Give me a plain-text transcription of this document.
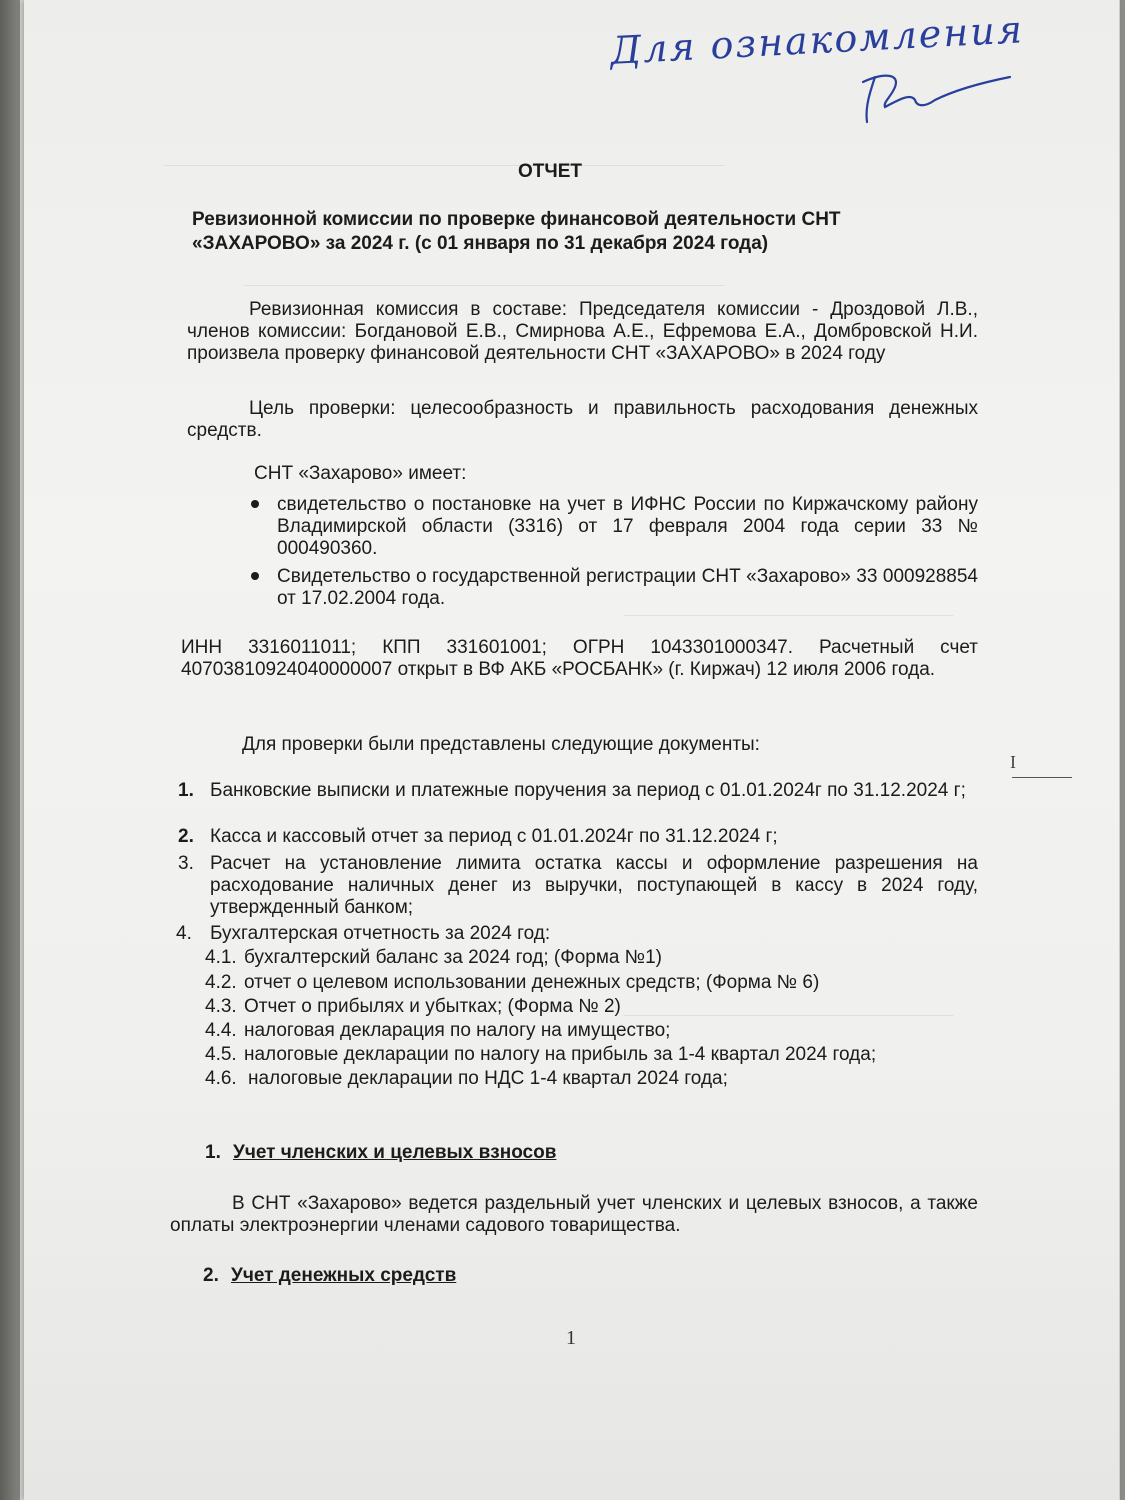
_______________________________________________________________
______________________________________________________
_____________________________________
_____________________________________
Для ознакомления
ОТЧЕТ
Ревизионной комиссии по проверке финансовой деятельности СНТ «ЗАХАРОВО» за 2024 г. (с 01 января по 31 декабря 2024 года)
Ревизионная комиссия в составе: Председателя комиссии - Дроздовой Л.В., членов комиссии: Богдановой Е.В., Смирнова А.Е., Ефремова Е.А., Домбровской Н.И. произвела проверку финансовой деятельности СНТ «ЗАХАРОВО» в 2024 году
Цель проверки: целесообразность и правильность расходования денежных средств.
СНТ «Захарово» имеет:
свидетельство о постановке на учет в ИФНС России по Киржачскому району Владимирской области (3316) от 17 февраля 2004 года серии 33 № 000490360.
Свидетельство о государственной регистрации СНТ «Захарово» 33 000928854 от 17.02.2004 года.
ИНН 3316011011; КПП 331601001; ОГРН 1043301000347. Расчетный счет 40703810924040000007 открыт в ВФ АКБ «РОСБАНК» (г. Киржач) 12 июля 2006 года.
Для проверки были представлены следующие документы:
1. Банковские выписки и платежные поручения за период с 01.01.2024г по 31.12.2024 г;
2. Касса и кассовый отчет за период с 01.01.2024г по 31.12.2024 г;
3. Расчет на установление лимита остатка кассы и оформление разрешения на расходование наличных денег из выручки, поступающей в кассу в 2024 году, утвержденный банком;
4. Бухгалтерская отчетность за 2024 год:
4.1. бухгалтерский баланс за 2024 год; (Форма №1)
4.2. отчет о целевом использовании денежных средств; (Форма № 6)
4.3. Отчет о прибылях и убытках; (Форма № 2)
4.4. налоговая декларация по налогу на имущество;
4.5. налоговые декларации по налогу на прибыль за 1-4 квартал 2024 года;
4.6. налоговые декларации по НДС 1-4 квартал 2024 года;
1. Учет членских и целевых взносов
В СНТ «Захарово» ведется раздельный учет членских и целевых взносов, а также оплаты электроэнергии членами садового товарищества.
2. Учет денежных средств
I
1
